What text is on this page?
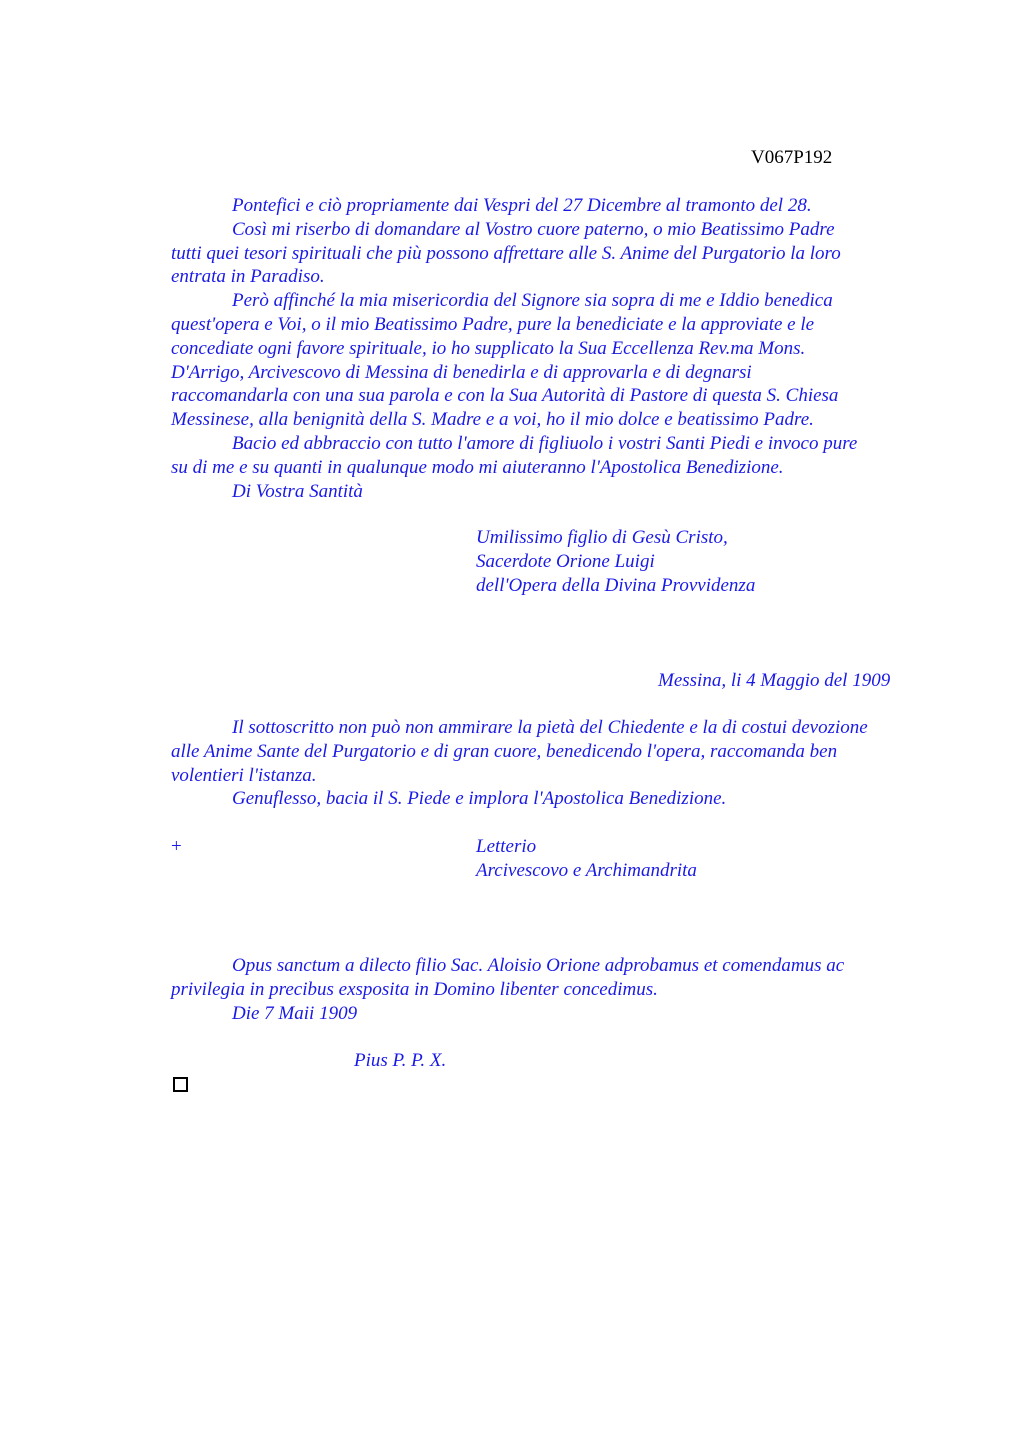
V067P192
Pontefici e ciò propriamente dai Vespri del 27 Dicembre al tramonto del 28.
Così mi riserbo di domandare al Vostro cuore paterno, o mio Beatissimo Padre
tutti quei tesori spirituali che più possono affrettare alle S. Anime del Purgatorio la loro
entrata in Paradiso.
Però affinché la mia misericordia del Signore sia sopra di me e Iddio benedica
quest'opera e Voi, o il mio Beatissimo Padre, pure la benediciate e la approviate e le
concediate ogni favore spirituale, io ho supplicato la Sua Eccellenza Rev.ma Mons.
D'Arrigo, Arcivescovo di Messina di benedirla e di approvarla e di degnarsi
raccomandarla con una sua parola e con la Sua Autorità di Pastore di questa S. Chiesa
Messinese, alla benignità della S. Madre e a voi, ho il mio dolce e beatissimo Padre.
Bacio ed abbraccio con tutto l'amore di figliuolo i vostri Santi Piedi e invoco pure
su di me e su quanti in qualunque modo mi aiuteranno l'Apostolica Benedizione.
Di Vostra Santità
Umilissimo figlio di Gesù Cristo,
Sacerdote Orione Luigi
dell'Opera della Divina Provvidenza
Messina, li 4 Maggio del 1909
Il sottoscritto non può non ammirare la pietà del Chiedente e la di costui devozione
alle Anime Sante del Purgatorio e di gran cuore, benedicendo l'opera, raccomanda ben
volentieri l'istanza.
Genuflesso, bacia il S. Piede e implora l'Apostolica Benedizione.
+	Letterio
Arcivescovo e Archimandrita
Opus sanctum a dilecto filio Sac. Aloisio Orione adprobamus et comendamus ac
privilegia in precibus exsposita in Domino libenter concedimus.
Die 7 Maii 1909
Pius P. P. X.
